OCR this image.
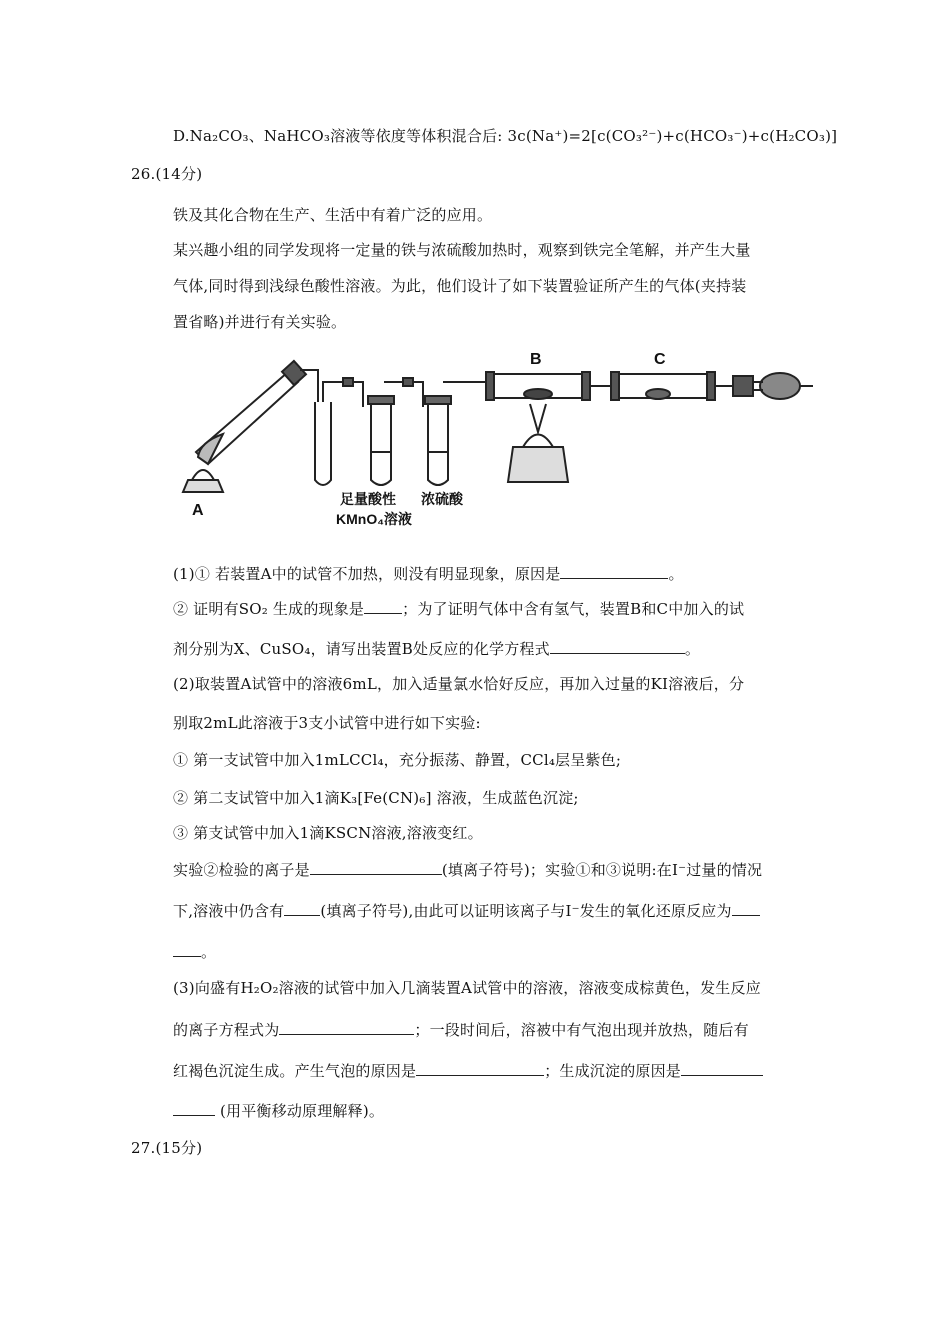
D.Na₂CO₃、NaHCO₃溶液等依度等体积混合后: 3c(Na⁺)=2[c(CO₃²⁻)+c(HCO₃⁻)+c(H₂CO₃)]
26.(14分)
铁及其化合物在生产、生活中有着广泛的应用。
某兴趣小组的同学发现将一定量的铁与浓硫酸加热时，观察到铁完全笔解，并产生大量
气体,同时得到浅绿色酸性溶液。为此，他们设计了如下装置验证所产生的气体(夹持装
置省略)并进行有关实验。
A
B	C
足量酸性
KMnO₄溶液
浓硫酸
(1)① 若装置A中的试管不加热，则没有明显现象，原因是	。
② 证明有SO₂ 生成的现象是	；为了证明气体中含有氢气，装置B和C中加入的试
剂分别为X、CuSO₄，请写出装置B处反应的化学方程式	。
(2)取装置A试管中的溶液6mL，加入适量氯水恰好反应，再加入过量的KI溶液后，分
别取2mL此溶液于3支小试管中进行如下实验:
① 第一支试管中加入1mLCCl₄，充分振荡、静置，CCl₄层呈紫色;
② 第二支试管中加入1滴K₃[Fe(CN)₆] 溶液，生成蓝色沉淀;
③ 第支试管中加入1滴KSCN溶液,溶液变红。
实验②检验的离子是	(填离子符号)；实验①和③说明:在I⁻过量的情况
下,溶液中仍含有 (填离子符号),由此可以证明该离子与I⁻发生的氧化还原反应为
。
(3)向盛有H₂O₂溶液的试管中加入几滴装置A试管中的溶液，溶液变成棕黄色，发生反应
的离子方程式为	；一段时间后，溶被中有气泡出现并放热，随后有
红褐色沉淀生成。产生气泡的原因是	；生成沉淀的原因是
(用平衡移动原理解释)。
27.(15分)
